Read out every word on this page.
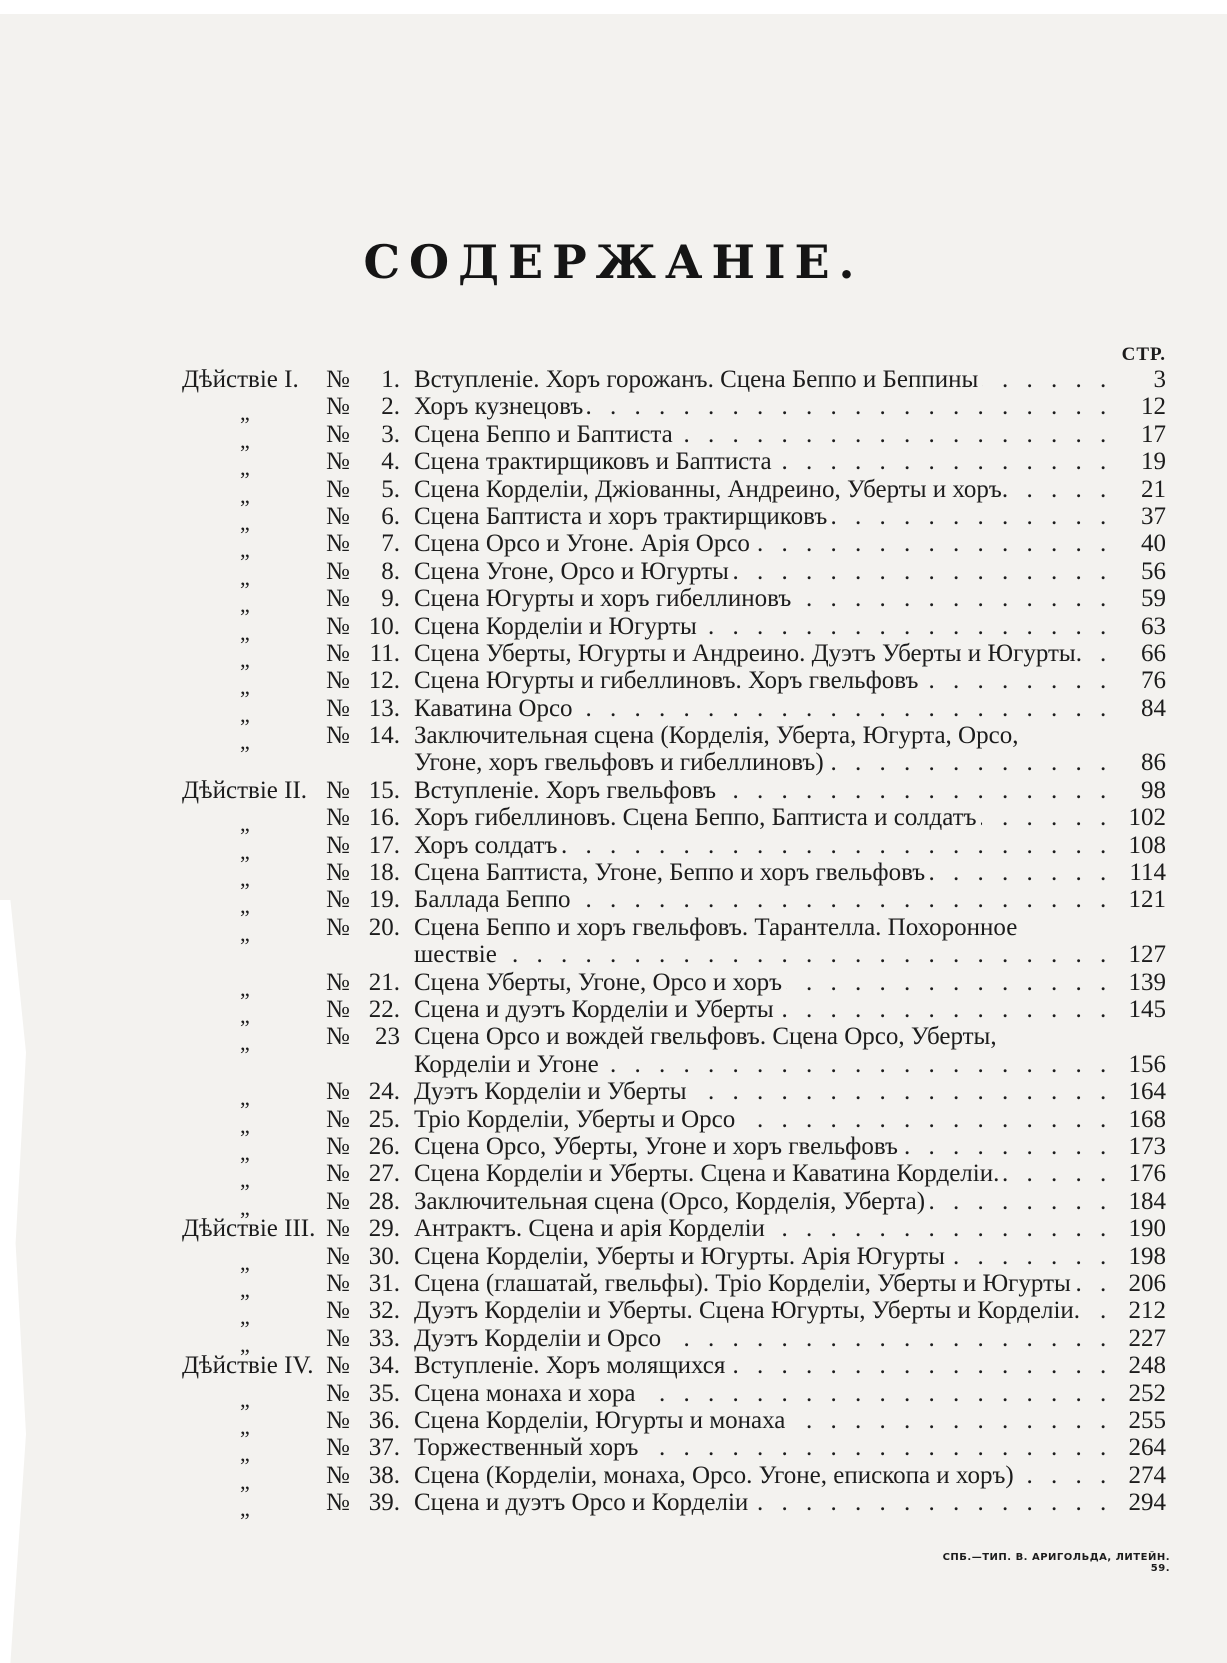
СОДЕРЖАНІЕ.
СТР.
Дѣйствіе I. №	1. Вступленіе. Хоръ горожанъ. Сцена Беппо и Беппины . . .	3
„	№	2. Хоръ кузнецовъ . . .	12
„	№	3. Сцена Беппо и Баптиста . . .	17
„	№	4. Сцена трактирщиковъ и Баптиста . . .	19
„	№	5. Сцена Корделіи, Джіованны, Андреино, Уберты и хоръ. . . .	21
„	№	6. Сцена Баптиста и хоръ трактирщиковъ . . .	37
„	№	7. Сцена Орсо и Угоне. Арія Орсо . . .	40
„	№	8. Сцена Угоне, Орсо и Югурты . . .	56
„	№	9. Сцена Югурты и хоръ гибеллиновъ . . .	59
„	№ 10. Сцена Корделіи и Югурты . . .	63
„	№ 11. Сцена Уберты, Югурты и Андреино. Дуэтъ Уберты и Югурты. . . .	66
„	№ 12. Сцена Югурты и гибеллиновъ. Хоръ гвельфовъ . . .	76
„	№ 13. Каватина Орсо . . .	84
„	№ 14. Заключительная сцена (Корделія, Уберта, Югурта, Орсо,
Угоне, хоръ гвельфовъ и гибеллиновъ) . . .	86
Дѣйствіе II. № 15. Вступленіе. Хоръ гвельфовъ . . .	98
„	№ 16. Хоръ гибеллиновъ. Сцена Беппо, Баптиста и солдатъ . . .	102
„	№ 17. Хоръ солдатъ . . .	108
„	№ 18. Сцена Баптиста, Угоне, Беппо и хоръ гвельфовъ . . .	114
„	№ 19. Баллада Беппо . . .	121
„	№ 20. Сцена Беппо и хоръ гвельфовъ. Тарантелла. Похоронное
шествіе . . .	127
„	№ 21. Сцена Уберты, Угоне, Орсо и хоръ . . .	139
„	№ 22. Сцена и дуэтъ Корделіи и Уберты . . .	145
„	№	23 Сцена Орсо и вождей гвельфовъ. Сцена Орсо, Уберты,
Корделіи и Угоне . . .	156
„	№ 24. Дуэтъ Корделіи и Уберты . . .	164
„	№ 25. Тріо Корделіи, Уберты и Орсо . . .	168
„	№ 26. Сцена Орсо, Уберты, Угоне и хоръ гвельфовъ . . .	173
„	№ 27. Сцена Корделіи и Уберты. Сцена и Каватина Корделіи. . . .	176
„	№ 28. Заключительная сцена (Орсо, Корделія, Уберта) . . .	184
Дѣйствіе III. № 29. Антрактъ. Сцена и арія Корделіи . . .	190
„	№ 30. Сцена Корделіи, Уберты и Югурты. Арія Югурты . . .	198
„	№ 31. Сцена (глашатай, гвельфы). Тріо Корделіи, Уберты и Югурты . . .	206
„	№ 32. Дуэтъ Корделіи и Уберты. Сцена Югурты, Уберты и Корделіи. . . .	212
„	№ 33. Дуэтъ Корделіи и Орсо . . .	227
Дѣйствіе IV. № 34. Вступленіе. Хоръ молящихся . . .	248
„	№ 35. Сцена монаха и хора . . .	252
„	№ 36. Сцена Корделіи, Югурты и монаха . . .	255
„	№ 37. Торжественный хоръ . . .	264
„	№ 38. Сцена (Корделіи, монаха, Орсо. Угоне, епископа и хоръ) . . .	274
„	№ 39. Сцена и дуэтъ Орсо и Корделіи . . .	294
СПБ.—ТИП. В. АРИГОЛЬДА, ЛИТЕЙН. 59.
